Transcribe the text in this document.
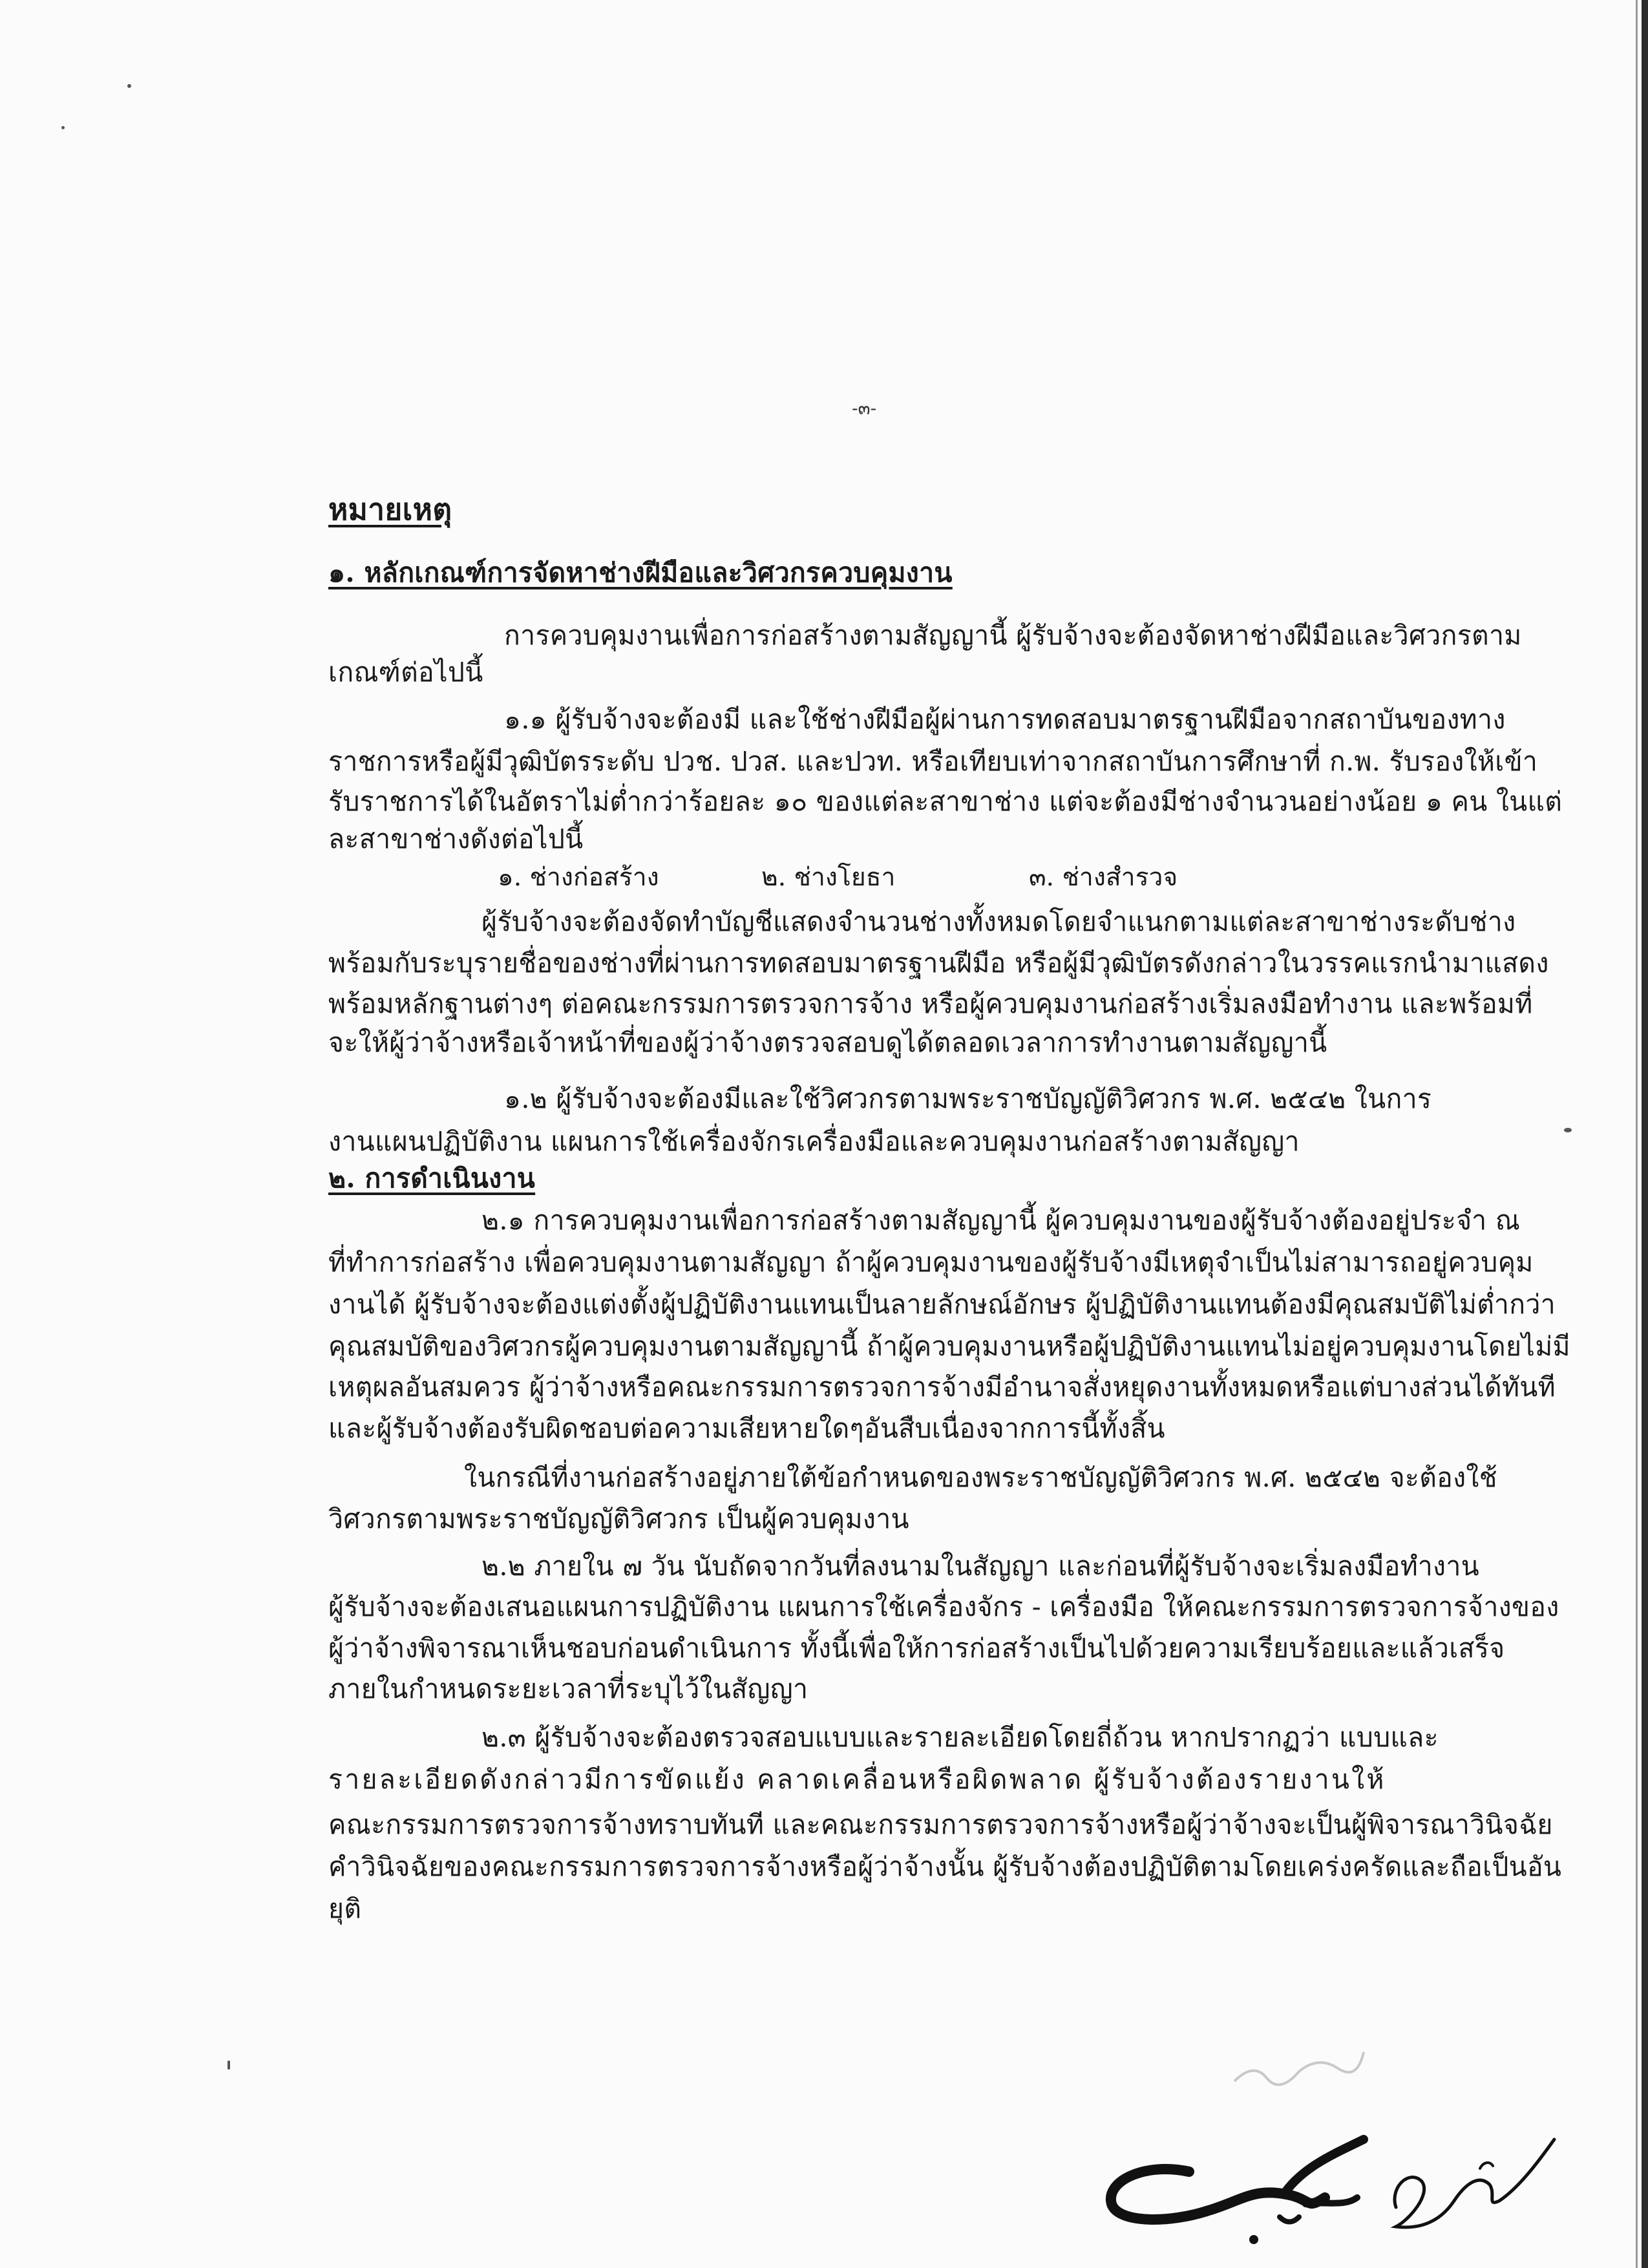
-๓-
หมายเหตุ
๑. หลักเกณฑ์การจัดหาช่างฝีมือและวิศวกรควบคุมงาน
การควบคุมงานเพื่อการก่อสร้างตามสัญญานี้ ผู้รับจ้างจะต้องจัดหาช่างฝีมือและวิศวกรตาม
เกณฑ์ต่อไปนี้
๑.๑ ผู้รับจ้างจะต้องมี และใช้ช่างฝีมือผู้ผ่านการทดสอบมาตรฐานฝีมือจากสถาบันของทาง
ราชการหรือผู้มีวุฒิบัตรระดับ ปวช. ปวส. และปวท. หรือเทียบเท่าจากสถาบันการศึกษาที่ ก.พ. รับรองให้เข้า
รับราชการได้ในอัตราไม่ต่ำกว่าร้อยละ ๑๐ ของแต่ละสาขาช่าง แต่จะต้องมีช่างจำนวนอย่างน้อย ๑ คน ในแต่
ละสาขาช่างดังต่อไปนี้
๑. ช่างก่อสร้าง	๒. ช่างโยธา	๓. ช่างสำรวจ
ผู้รับจ้างจะต้องจัดทำบัญชีแสดงจำนวนช่างทั้งหมดโดยจำแนกตามแต่ละสาขาช่างระดับช่าง
พร้อมกับระบุรายชื่อของช่างที่ผ่านการทดสอบมาตรฐานฝีมือ หรือผู้มีวุฒิบัตรดังกล่าวในวรรคแรกนำมาแสดง
พร้อมหลักฐานต่างๆ ต่อคณะกรรมการตรวจการจ้าง หรือผู้ควบคุมงานก่อสร้างเริ่มลงมือทำงาน และพร้อมที่
จะให้ผู้ว่าจ้างหรือเจ้าหน้าที่ของผู้ว่าจ้างตรวจสอบดูได้ตลอดเวลาการทำงานตามสัญญานี้
๑.๒ ผู้รับจ้างจะต้องมีและใช้วิศวกรตามพระราชบัญญัติวิศวกร พ.ศ. ๒๕๔๒ ในการ
งานแผนปฏิบัติงาน แผนการใช้เครื่องจักรเครื่องมือและควบคุมงานก่อสร้างตามสัญญา
๒. การดำเนินงาน
๒.๑ การควบคุมงานเพื่อการก่อสร้างตามสัญญานี้ ผู้ควบคุมงานของผู้รับจ้างต้องอยู่ประจำ ณ
ที่ทำการก่อสร้าง เพื่อควบคุมงานตามสัญญา ถ้าผู้ควบคุมงานของผู้รับจ้างมีเหตุจำเป็นไม่สามารถอยู่ควบคุม
งานได้ ผู้รับจ้างจะต้องแต่งตั้งผู้ปฏิบัติงานแทนเป็นลายลักษณ์อักษร ผู้ปฏิบัติงานแทนต้องมีคุณสมบัติไม่ต่ำกว่า
คุณสมบัติของวิศวกรผู้ควบคุมงานตามสัญญานี้ ถ้าผู้ควบคุมงานหรือผู้ปฏิบัติงานแทนไม่อยู่ควบคุมงานโดยไม่มี
เหตุผลอันสมควร ผู้ว่าจ้างหรือคณะกรรมการตรวจการจ้างมีอำนาจสั่งหยุดงานทั้งหมดหรือแต่บางส่วนได้ทันที
และผู้รับจ้างต้องรับผิดชอบต่อความเสียหายใดๆอันสืบเนื่องจากการนี้ทั้งสิ้น
ในกรณีที่งานก่อสร้างอยู่ภายใต้ข้อกำหนดของพระราชบัญญัติวิศวกร พ.ศ. ๒๕๔๒ จะต้องใช้
วิศวกรตามพระราชบัญญัติวิศวกร เป็นผู้ควบคุมงาน
๒.๒ ภายใน ๗ วัน นับถัดจากวันที่ลงนามในสัญญา และก่อนที่ผู้รับจ้างจะเริ่มลงมือทำงาน
ผู้รับจ้างจะต้องเสนอแผนการปฏิบัติงาน แผนการใช้เครื่องจักร - เครื่องมือ ให้คณะกรรมการตรวจการจ้างของ
ผู้ว่าจ้างพิจารณาเห็นชอบก่อนดำเนินการ ทั้งนี้เพื่อให้การก่อสร้างเป็นไปด้วยความเรียบร้อยและแล้วเสร็จ
ภายในกำหนดระยะเวลาที่ระบุไว้ในสัญญา
๒.๓ ผู้รับจ้างจะต้องตรวจสอบแบบและรายละเอียดโดยถี่ถ้วน หากปรากฏว่า แบบและ
รายละเอียดดังกล่าวมีการขัดแย้ง คลาดเคลื่อนหรือผิดพลาด ผู้รับจ้างต้องรายงานให้
คณะกรรมการตรวจการจ้างทราบทันที และคณะกรรมการตรวจการจ้างหรือผู้ว่าจ้างจะเป็นผู้พิจารณาวินิจฉัย
คำวินิจฉัยของคณะกรรมการตรวจการจ้างหรือผู้ว่าจ้างนั้น ผู้รับจ้างต้องปฏิบัติตามโดยเคร่งครัดและถือเป็นอัน
ยุติ
